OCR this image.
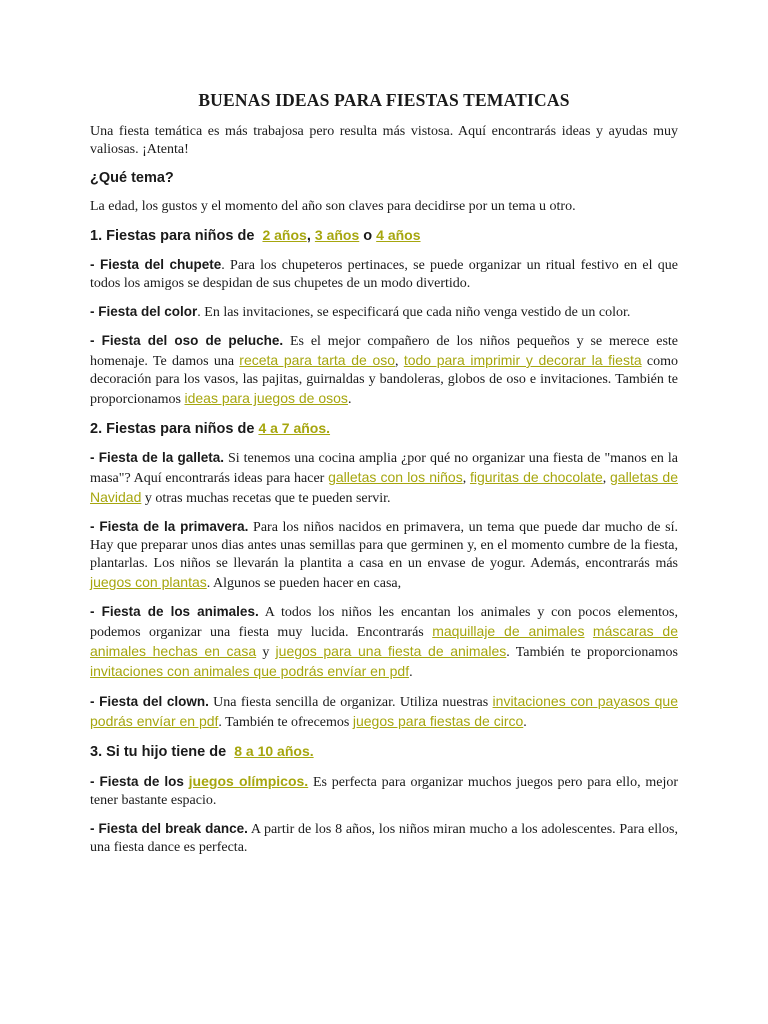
BUENAS IDEAS PARA FIESTAS TEMATICAS

Una fiesta temática es más trabajosa pero resulta más vistosa. Aquí encontrarás ideas y ayudas muy valiosas. ¡Atenta!

¿Qué tema?

La edad, los gustos y el momento del año son claves para decidirse por un tema u otro.

1. Fiestas para niños de 2 años, 3 años o 4 años

- Fiesta del chupete. Para los chupeteros pertinaces, se puede organizar un ritual festivo en el que todos los amigos se despidan de sus chupetes de un modo divertido.

- Fiesta del color. En las invitaciones, se especificará que cada niño venga vestido de un color.

- Fiesta del oso de peluche. Es el mejor compañero de los niños pequeños y se merece este homenaje. Te damos una receta para tarta de oso, todo para imprimir y decorar la fiesta como decoración para los vasos, las pajitas, guirnaldas y bandoleras, globos de oso e invitaciones. También te proporcionamos ideas para juegos de osos.

2. Fiestas para niños de 4 a 7 años.

- Fiesta de la galleta. Si tenemos una cocina amplia ¿por qué no organizar una fiesta de "manos en la masa"? Aquí encontrarás ideas para hacer galletas con los niños, figuritas de chocolate, galletas de Navidad y otras muchas recetas que te pueden servir.

- Fiesta de la primavera. Para los niños nacidos en primavera, un tema que puede dar mucho de sí. Hay que preparar unos dias antes unas semillas para que germinen y, en el momento cumbre de la fiesta, plantarlas. Los niños se llevarán la plantita a casa en un envase de yogur. Además, encontrarás más juegos con plantas. Algunos se pueden hacer en casa,

- Fiesta de los animales. A todos los niños les encantan los animales y con pocos elementos, podemos organizar una fiesta muy lucida. Encontrarás maquillaje de animales máscaras de animales hechas en casa y juegos para una fiesta de animales. También te proporcionamos invitaciones con animales que podrás envíar en pdf.

- Fiesta del clown. Una fiesta sencilla de organizar. Utiliza nuestras invitaciones con payasos que podrás envíar en pdf. También te ofrecemos juegos para fiestas de circo.

3. Si tu hijo tiene de 8 a 10 años.

- Fiesta de los juegos olímpicos. Es perfecta para organizar muchos juegos pero para ello, mejor tener bastante espacio.

- Fiesta del break dance. A partir de los 8 años, los niños miran mucho a los adolescentes. Para ellos, una fiesta dance es perfecta.
